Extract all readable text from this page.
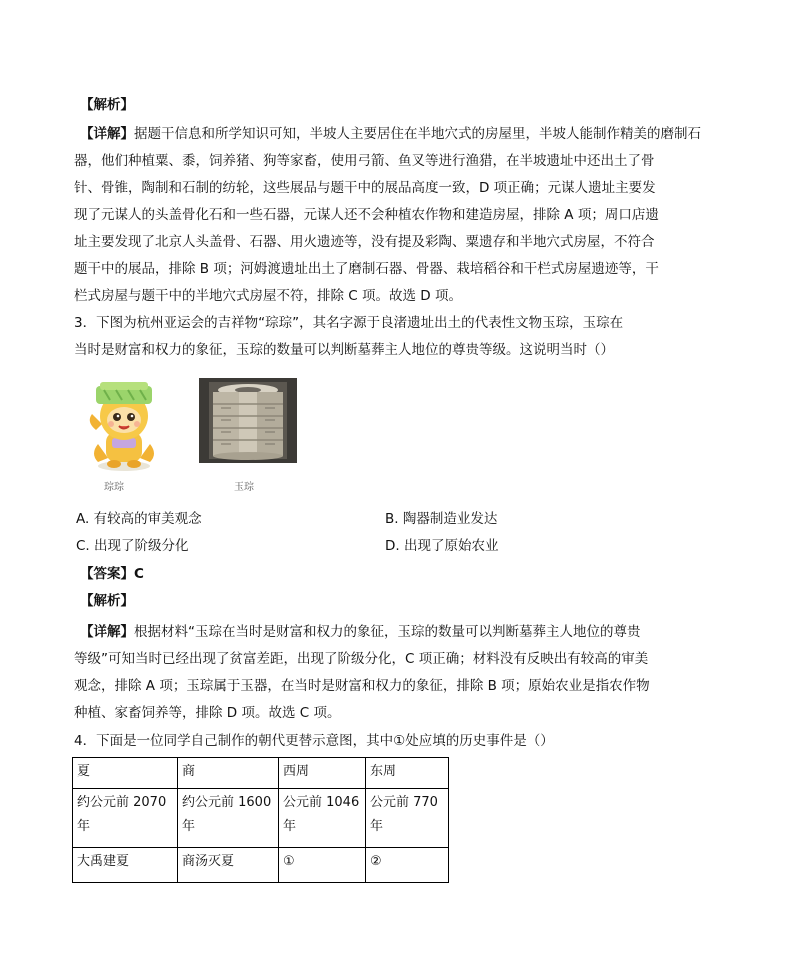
【解析】
【详解】据题干信息和所学知识可知，半坡人主要居住在半地穴式的房屋里，半坡人能制作精美的磨制石
器，他们种植粟、黍，饲养猪、狗等家畜，使用弓箭、鱼叉等进行渔猎，在半坡遗址中还出土了骨
针、骨锥，陶制和石制的纺轮，这些展品与题干中的展品高度一致，D 项正确；元谋人遗址主要发
现了元谋人的头盖骨化石和一些石器，元谋人还不会种植农作物和建造房屋，排除 A 项；周口店遗
址主要发现了北京人头盖骨、石器、用火遗迹等，没有提及彩陶、粟遗存和半地穴式房屋，不符合
题干中的展品，排除 B 项；河姆渡遗址出土了磨制石器、骨器、栽培稻谷和干栏式房屋遗迹等，干
栏式房屋与题干中的半地穴式房屋不符，排除 C 项。故选 D 项。
3．下图为杭州亚运会的吉祥物“琮琮”，其名字源于良渚遗址出土的代表性文物玉琮，玉琮在
当时是财富和权力的象征，玉琮的数量可以判断墓葬主人地位的尊贵等级。这说明当时（）
琮琮	玉琮
A. 有较高的审美观念	B. 陶器制造业发达
C. 出现了阶级分化	D. 出现了原始农业
【答案】C
【解析】
【详解】根据材料“玉琮在当时是财富和权力的象征，玉琮的数量可以判断墓葬主人地位的尊贵
等级”可知当时已经出现了贫富差距，出现了阶级分化，C 项正确；材料没有反映出有较高的审美
观念，排除 A 项；玉琮属于玉器，在当时是财富和权力的象征，排除 B 项；原始农业是指农作物
种植、家畜饲养等，排除 D 项。故选 C 项。
4．下面是一位同学自己制作的朝代更替示意图，其中①处应填的历史事件是（）
夏	商	西周	东周
约公元前 2070 年	约公元前 1600 年	公元前 1046 年	公元前 770 年
大禹建夏	商汤灭夏	①	②
